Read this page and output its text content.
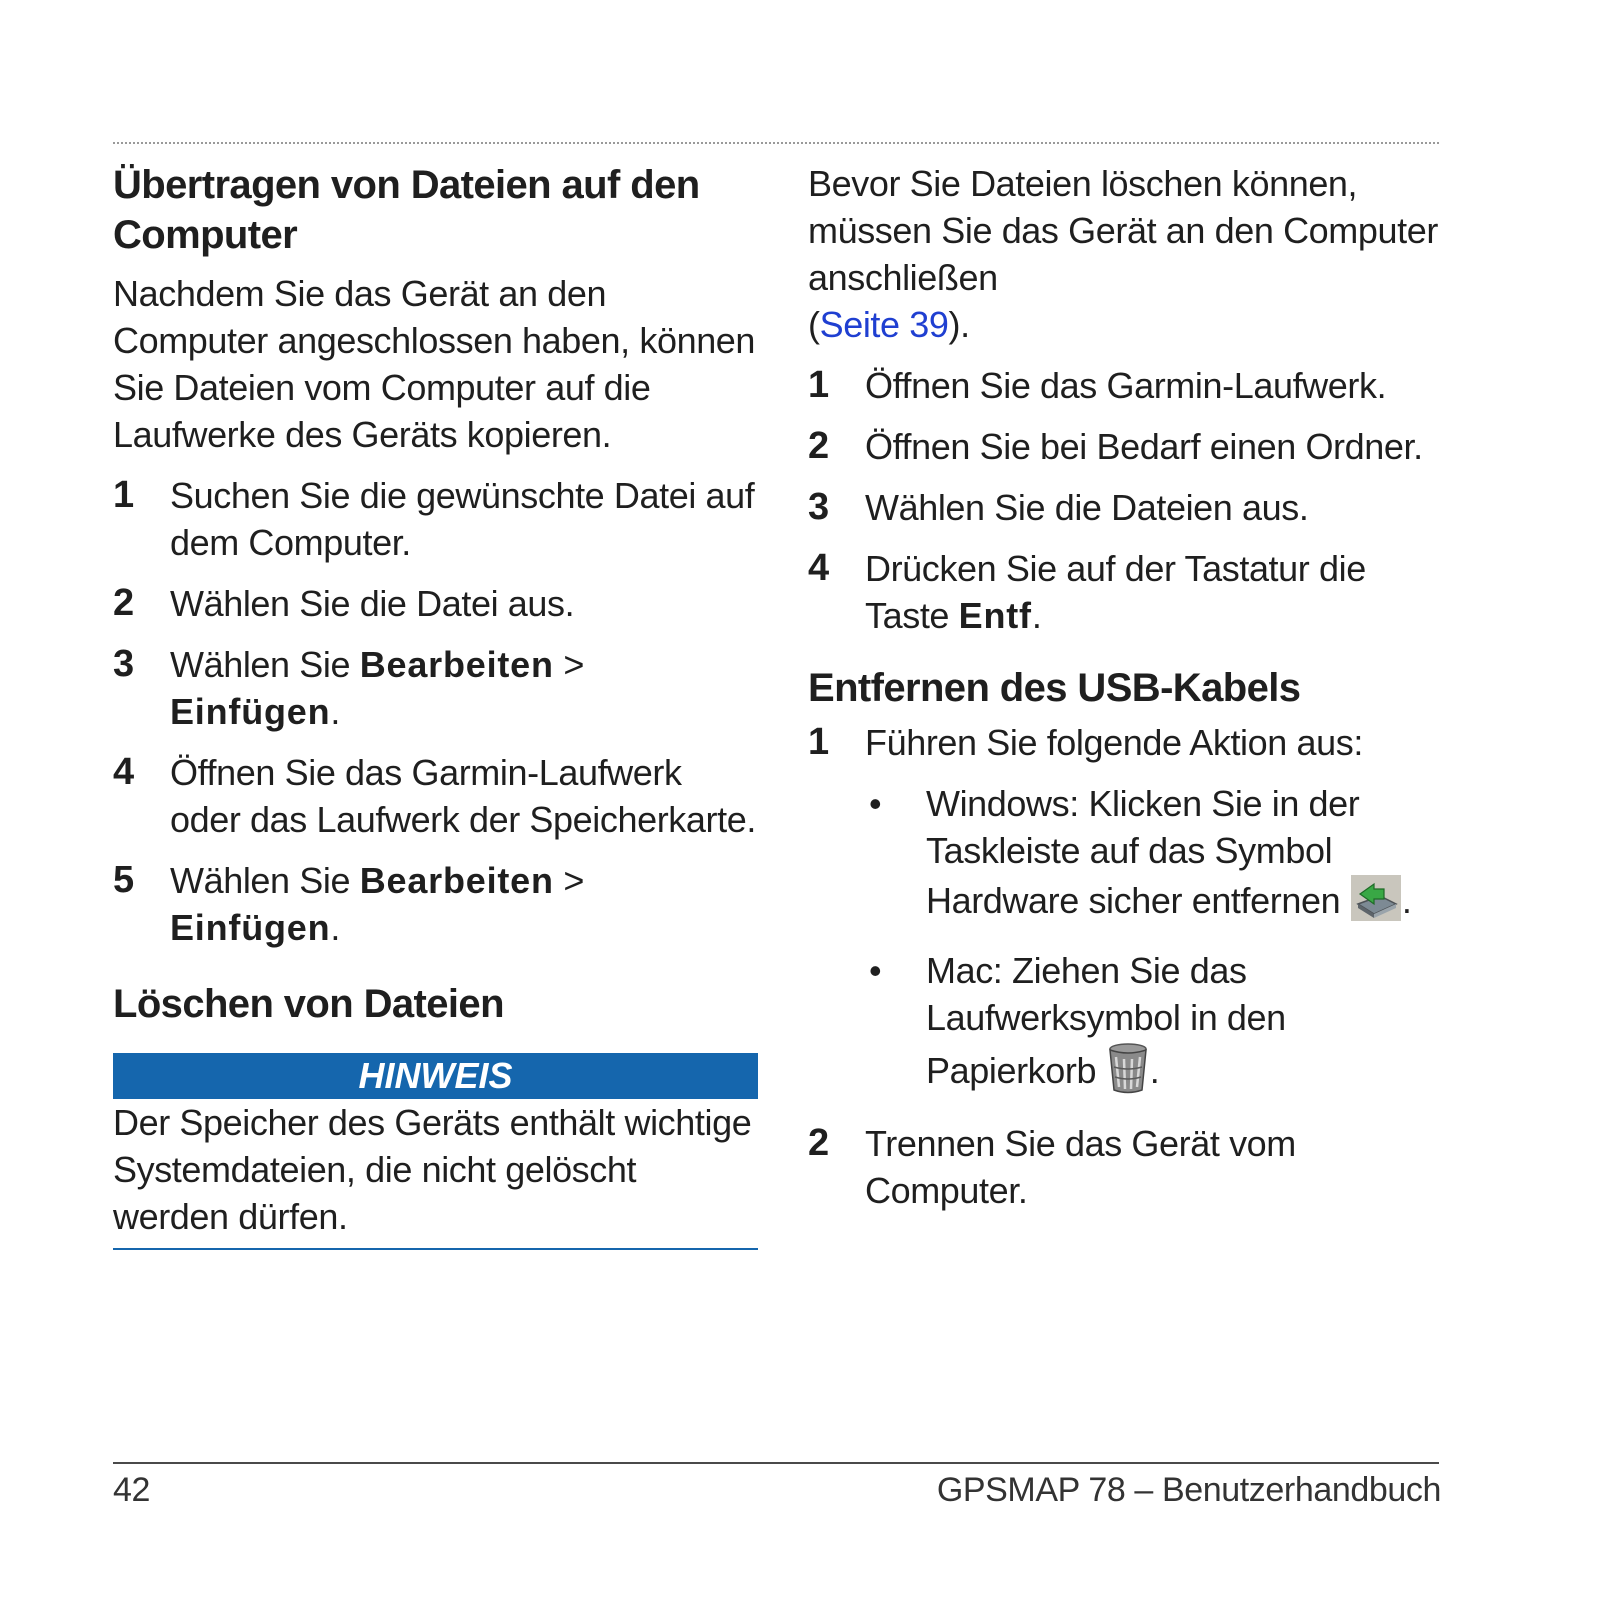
Übertragen von Dateien auf den Computer

Nachdem Sie das Gerät an den Computer angeschlossen haben, können Sie Dateien vom Computer auf die Laufwerke des Geräts kopieren.

1	Suchen Sie die gewünschte Datei auf dem Computer.
2	Wählen Sie die Datei aus.
3	Wählen Sie Bearbeiten > Einfügen.
4	Öffnen Sie das Garmin-Laufwerk oder das Laufwerk der Speicherkarte.
5	Wählen Sie Bearbeiten > Einfügen.
Löschen von Dateien
HINWEIS

Der Speicher des Geräts enthält wichtige Systemdateien, die nicht gelöscht werden dürfen.

Bevor Sie Dateien löschen können, müssen Sie das Gerät an den Computer anschließen
(Seite 39).

1	Öffnen Sie das Garmin-Laufwerk.
2	Öffnen Sie bei Bedarf einen Ordner.
3	Wählen Sie die Dateien aus.
4	Drücken Sie auf der Tastatur die Taste Entf.
Entfernen des USB-Kabels
1	Führen Sie folgende Aktion aus:
•	Windows: Klicken Sie in der Taskleiste auf das Symbol Hardware sicher entfernen .
•	Mac: Ziehen Sie das Laufwerksymbol in den Papierkorb .
2	Trennen Sie das Gerät vom Computer.
42	GPSMAP 78 – Benutzerhandbuch
